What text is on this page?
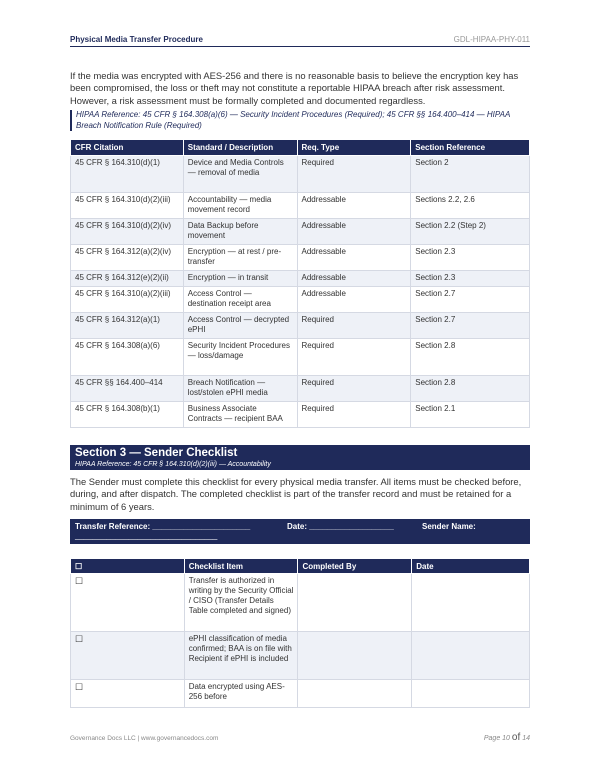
Physical Media Transfer Procedure	GDL-HIPAA-PHY-011

If the media was encrypted with AES-256 and there is no reasonable basis to believe the encryption key has been compromised, the loss or theft may not constitute a reportable HIPAA breach after risk assessment. However, a risk assessment must be formally completed and documented regardless.

HIPAA Reference: 45 CFR § 164.308(a)(6) — Security Incident Procedures (Required); 45 CFR §§ 164.400–414 — HIPAA Breach Notification Rule (Required)
CFR Citation	Standard / Description	Req. Type	Section Reference
45 CFR § 164.310(d)(1)	Device and Media Controls — removal of media	Required	Section 2
45 CFR § 164.310(d)(2)(iii)	Accountability — media movement record	Addressable	Sections 2.2, 2.6
45 CFR § 164.310(d)(2)(iv)	Data Backup before movement	Addressable	Section 2.2 (Step 2)
45 CFR § 164.312(a)(2)(iv)	Encryption — at rest / pre-transfer	Addressable	Section 2.3
45 CFR § 164.312(e)(2)(ii)	Encryption — in transit	Addressable	Section 2.3
45 CFR § 164.310(a)(2)(iii)	Access Control — destination receipt area	Addressable	Section 2.7
45 CFR § 164.312(a)(1)	Access Control — decrypted ePHI	Required	Section 2.7
45 CFR § 164.308(a)(6)	Security Incident Procedures — loss/damage	Required	Section 2.8
45 CFR §§ 164.400–414	Breach Notification — lost/stolen ePHI media	Required	Section 2.8
45 CFR § 164.308(b)(1)	Business Associate Contracts — recipient BAA	Required	Section 2.1
Section 3 — Sender Checklist
HIPAA Reference: 45 CFR § 164.310(d)(2)(iii) — Accountability

The Sender must complete this checklist for every physical media transfer. All items must be checked before, during, and after dispatch. The completed checklist is part of the transfer record and must be retained for a minimum of 6 years.

Transfer Reference: ______________________	Date: ___________________	Sender Name:
________________________________
☐	Checklist Item	Completed By	Date
☐	Transfer is authorized in writing by the Security Official / CISO (Transfer Details Table completed and signed)		
☐	ePHI classification of media confirmed; BAA is on file with Recipient if ePHI is included		
☐	Data encrypted using AES-256 before		
Governance Docs LLC | www.governancedocs.com	Page 10 of 14
